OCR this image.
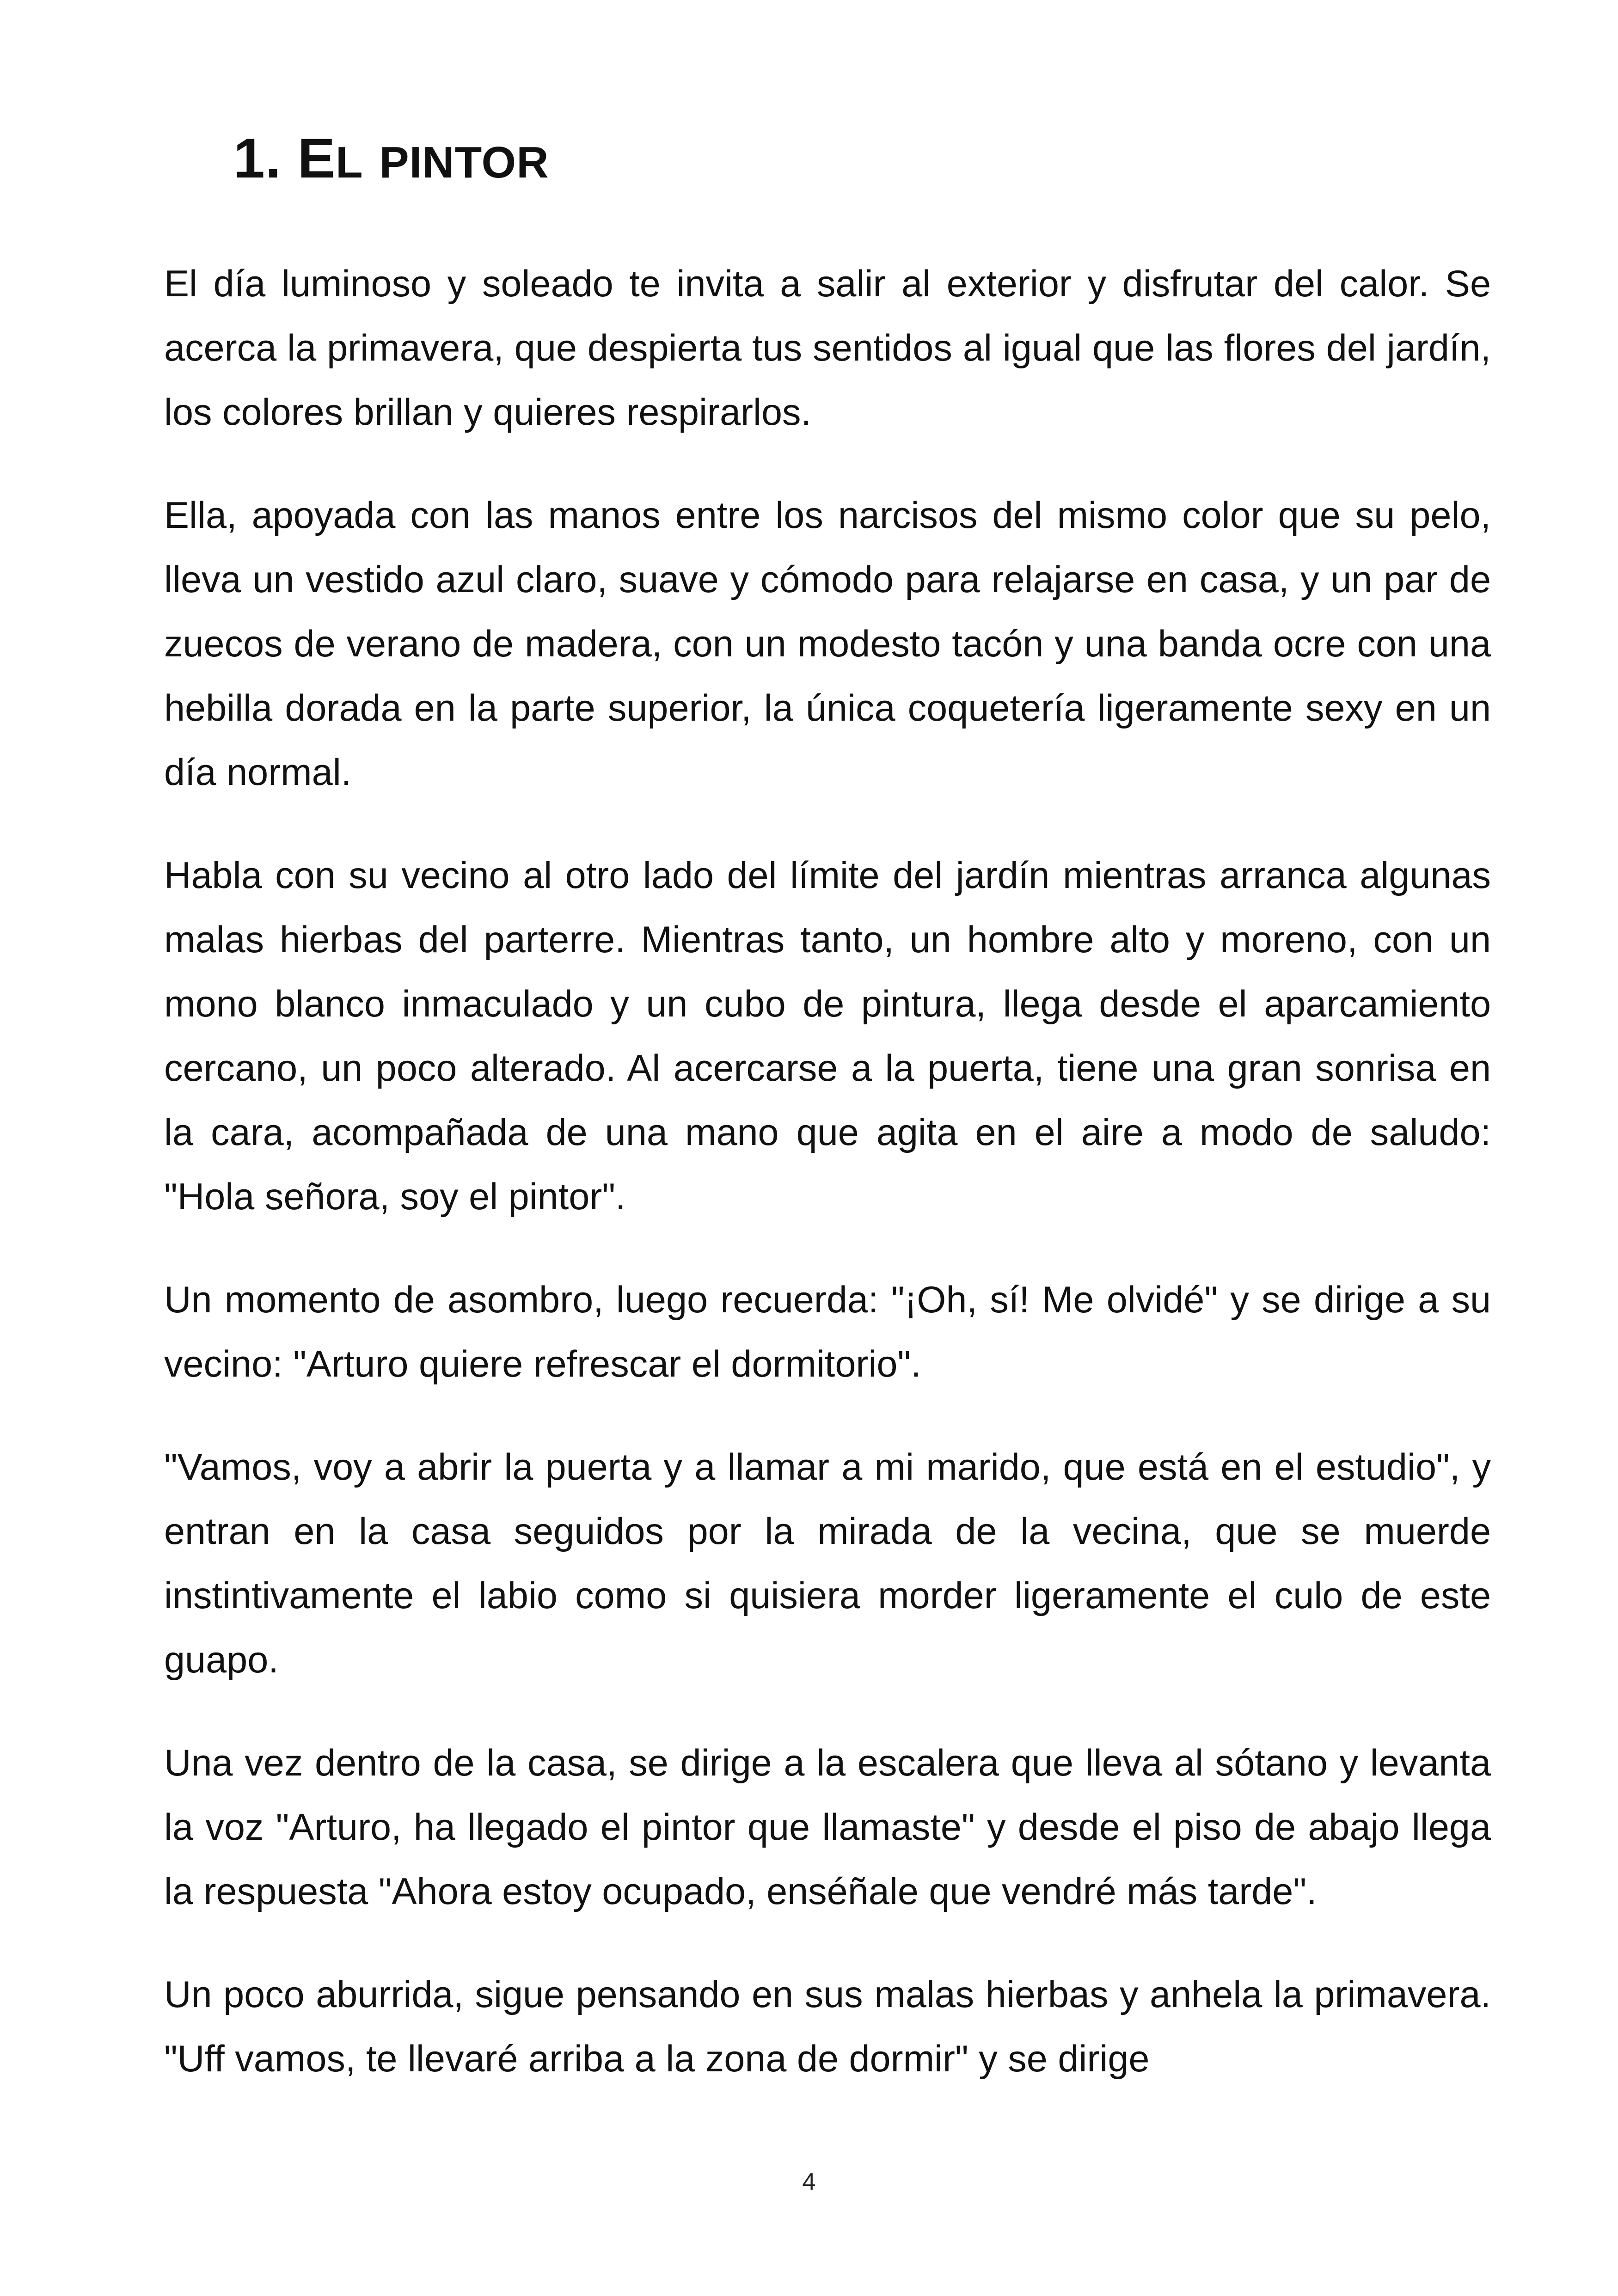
1. EL PINTOR

El día luminoso y soleado te invita a salir al exterior y disfrutar del calor. Se acerca la primavera, que despierta tus sentidos al igual que las flores del jardín, los colores brillan y quieres respirarlos.

Ella, apoyada con las manos entre los narcisos del mismo color que su pelo, lleva un vestido azul claro, suave y cómodo para relajarse en casa, y un par de zuecos de verano de madera, con un modesto tacón y una banda ocre con una hebilla dorada en la parte superior, la única coquetería ligeramente sexy en un día normal.

Habla con su vecino al otro lado del límite del jardín mientras arranca algunas malas hierbas del parterre. Mientras tanto, un hombre alto y moreno, con un mono blanco inmaculado y un cubo de pintura, llega desde el aparcamiento cercano, un poco alterado. Al acercarse a la puerta, tiene una gran sonrisa en la cara, acompañada de una mano que agita en el aire a modo de saludo: "Hola señora, soy el pintor".

Un momento de asombro, luego recuerda: "¡Oh, sí! Me olvidé" y se dirige a su vecino: "Arturo quiere refrescar el dormitorio".

"Vamos, voy a abrir la puerta y a llamar a mi marido, que está en el estudio", y entran en la casa seguidos por la mirada de la vecina, que se muerde instintivamente el labio como si quisiera morder ligeramente el culo de este guapo.

Una vez dentro de la casa, se dirige a la escalera que lleva al sótano y levanta la voz "Arturo, ha llegado el pintor que llamaste" y desde el piso de abajo llega la respuesta "Ahora estoy ocupado, enséñale que vendré más tarde".

Un poco aburrida, sigue pensando en sus malas hierbas y anhela la primavera. "Uff vamos, te llevaré arriba a la zona de dormir" y se dirige

4
